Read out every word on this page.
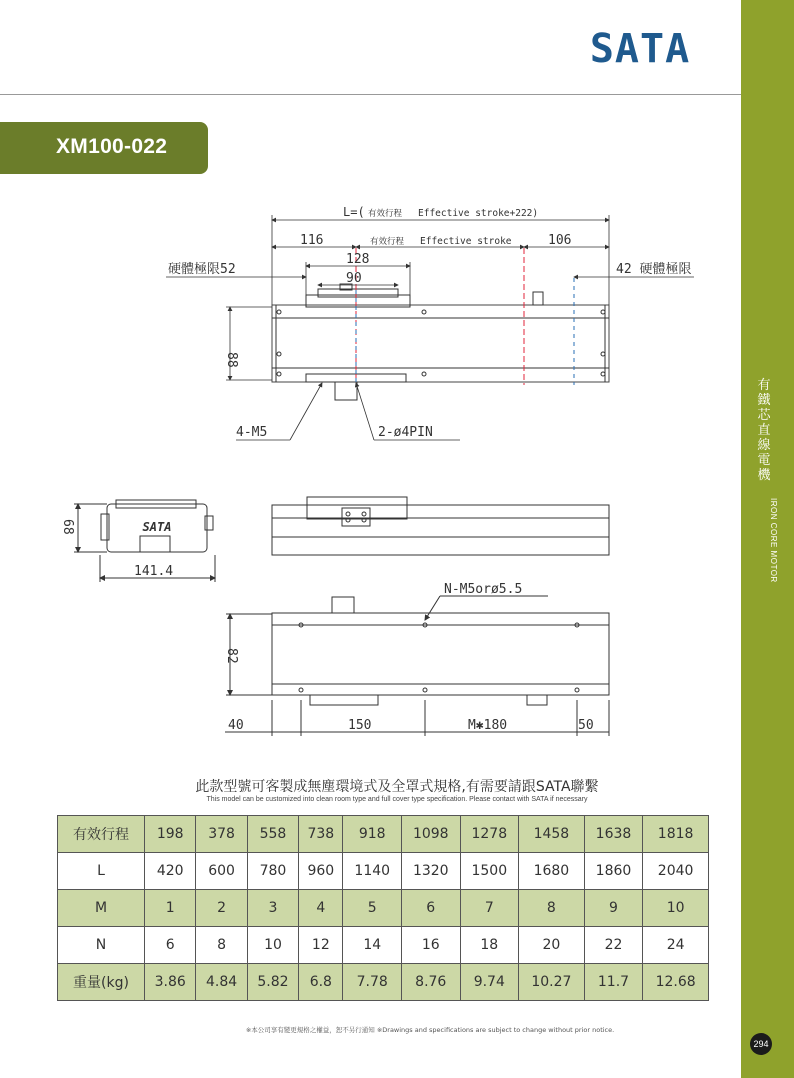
有鐵芯直線電機
IRON CORE MOTOR
294
SATA
XM100-022
L=( 有效行程 Effective stroke+222)
有效行程 Effective stroke
116	106
128
90
硬體極限52	42 硬體極限
88
4-M5	2-ø4PIN
SATA
68
141.4
82
40	150	M✱180	50
N-M5orø5.5
此款型號可客製成無塵環境式及全罩式規格,有需要請跟SATA聯繫
This model can be customized into clean room type and full cover type specification. Please contact with SATA if necessary
有效行程	198	378	558	738	918	1098	1278	1458	1638	1818
L	420	600	780	960	1140	1320	1500	1680	1860	2040
M	1	2	3	4	5	6	7	8	9	10
N	6	8	10	12	14	16	18	20	22	24
重量(kg)	3.86	4.84	5.82	6.8	7.78	8.76	9.74	10.27	11.7	12.68
※本公司享有變更規格之權益，恕不另行通知 ※Drawings and specifications are subject to change without prior notice.
